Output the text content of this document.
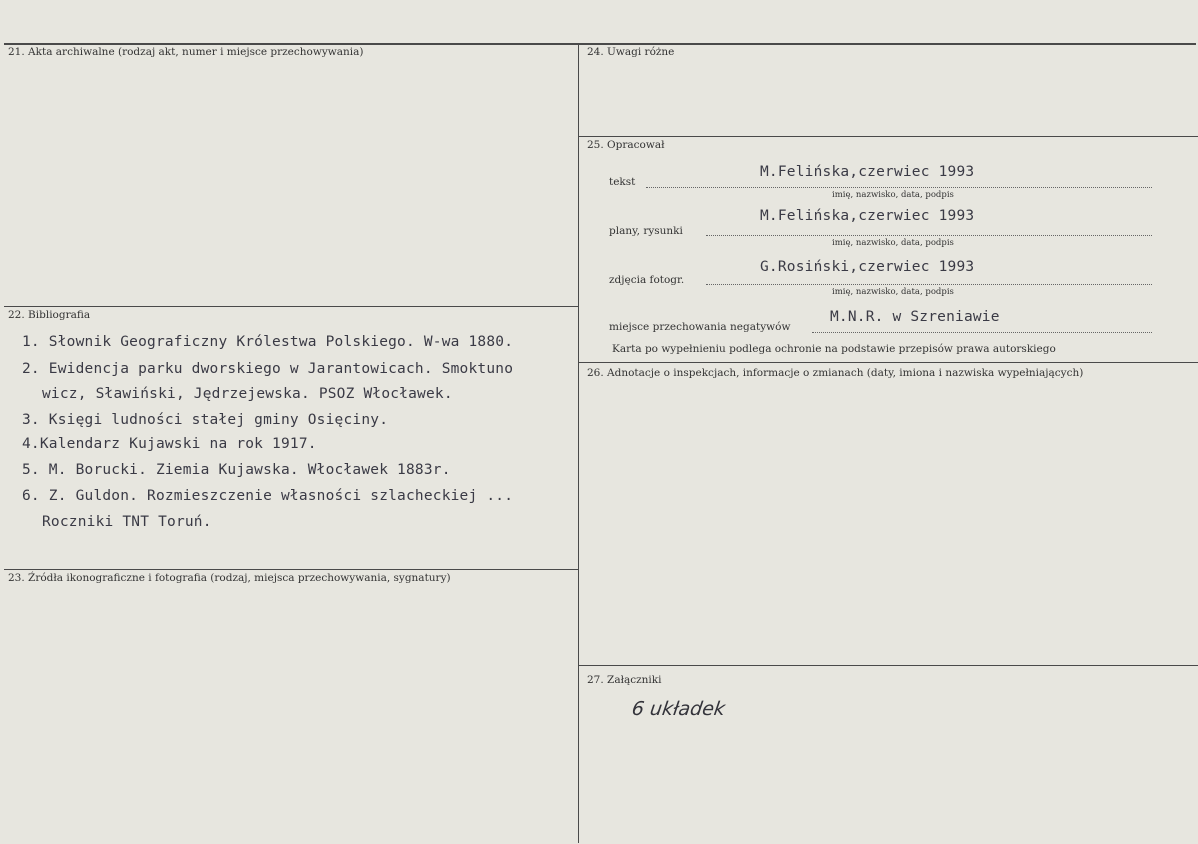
21. Akta archiwalne (rodzaj akt, numer i miejsce przechowywania)
22. Bibliografia
1. Słownik Geograficzny Królestwa Polskiego. W-wa 1880.
2. Ewidencja parku dworskiego w Jarantowicach. Smoktuno
wicz, Sławiński, Jędrzejewska. PSOZ Włocławek.
3. Księgi ludności stałej gminy Osięciny.
4.Kalendarz Kujawski na rok 1917.
5. M. Borucki. Ziemia Kujawska. Włocławek 1883r.
6. Z. Guldon. Rozmieszczenie własności szlacheckiej ...
Roczniki TNT Toruń.
23. Źródła ikonograficzne i fotografia (rodzaj, miejsca przechowywania, sygnatury)
24. Uwagi różne
25. Opracował
tekst
M.Felińska,czerwiec 1993
imię, nazwisko, data, podpis
plany, rysunki
M.Felińska,czerwiec 1993
imię, nazwisko, data, podpis
zdjęcia fotogr.
G.Rosiński,czerwiec 1993
imię, nazwisko, data, podpis
miejsce przechowania negatywów
M.N.R. w Szreniawie
Karta po wypełnieniu podlega ochronie na podstawie przepisów prawa autorskiego
26. Adnotacje o inspekcjach, informacje o zmianach (daty, imiona i nazwiska wypełniających)
27. Załączniki
6 układek
